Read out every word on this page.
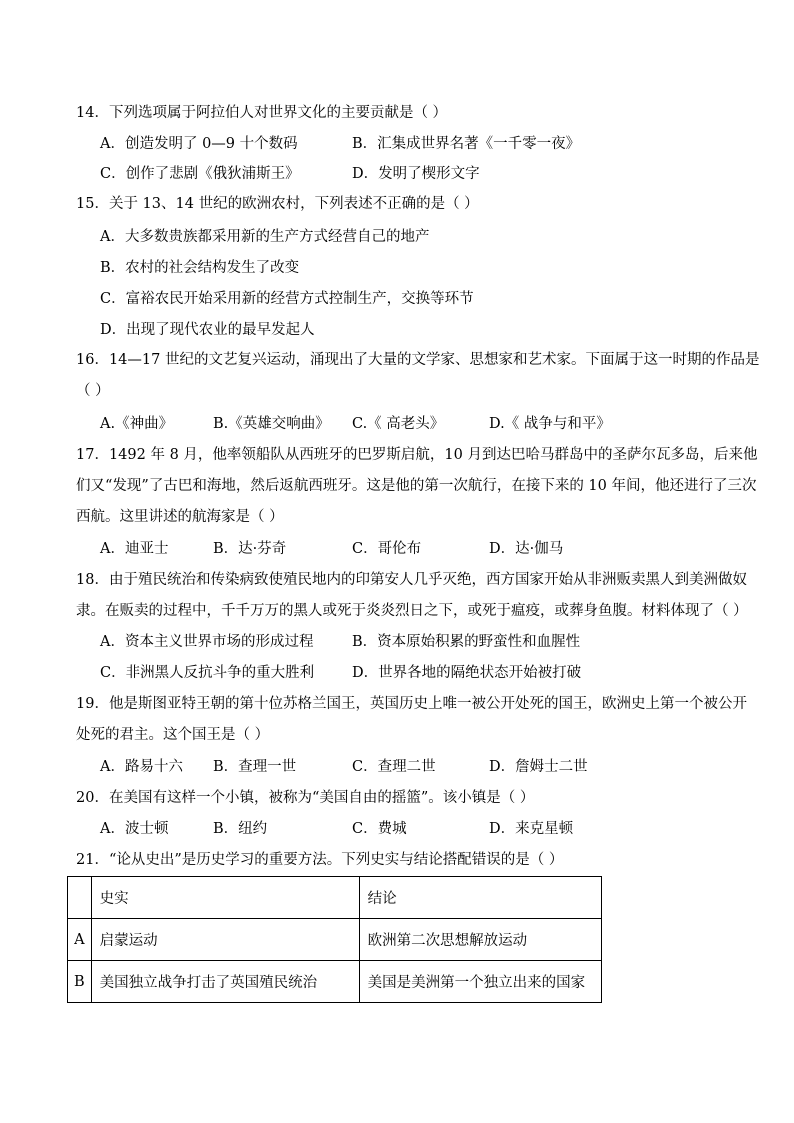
14．下列选项属于阿拉伯人对世界文化的主要贡献是（ ）
A．创造发明了 0—9 十个数码	B．汇集成世界名著《一千零一夜》
C．创作了悲剧《俄狄浦斯王》	D．发明了楔形文字
15．关于 13、14 世纪的欧洲农村，下列表述不正确的是（ ）
A．大多数贵族都采用新的生产方式经营自己的地产
B．农村的社会结构发生了改变
C．富裕农民开始采用新的经营方式控制生产，交换等环节
D．出现了现代农业的最早发起人
16．14—17 世纪的文艺复兴运动，涌现出了大量的文学家、思想家和艺术家。下面属于这一时期的作品是
（ ）
A.《神曲》	B.《英雄交响曲》 C.《 高老头》	D.《 战争与和平》
17．1492 年 8 月，他率领船队从西班牙的巴罗斯启航，10 月到达巴哈马群岛中的圣萨尔瓦多岛，后来他
们又“发现”了古巴和海地，然后返航西班牙。这是他的第一次航行，在接下来的 10 年间，他还进行了三次
西航。这里讲述的航海家是（ ）
A．迪亚士	B．达·芬奇	C．哥伦布	D．达·伽马
18．由于殖民统治和传染病致使殖民地内的印第安人几乎灭绝，西方国家开始从非洲贩卖黑人到美洲做奴
隶。在贩卖的过程中，千千万万的黑人或死于炎炎烈日之下，或死于瘟疫，或葬身鱼腹。材料体现了（ ）
A．资本主义世界市场的形成过程	B．资本原始积累的野蛮性和血腥性
C．非洲黑人反抗斗争的重大胜利	D．世界各地的隔绝状态开始被打破
19．他是斯图亚特王朝的第十位苏格兰国王，英国历史上唯一被公开处死的国王，欧洲史上第一个被公开
处死的君主。这个国王是（ ）
A．路易十六 B．查理一世	C．查理二世	D．詹姆士二世
20．在美国有这样一个小镇，被称为“美国自由的摇篮”。该小镇是（ ）
A．波士顿	B．纽约	C．费城	D．来克星顿
21．“论从史出”是历史学习的重要方法。下列史实与结论搭配错误的是（ ）
	史实	结论
A	启蒙运动	欧洲第二次思想解放运动
B	美国独立战争打击了英国殖民统治	美国是美洲第一个独立出来的国家
